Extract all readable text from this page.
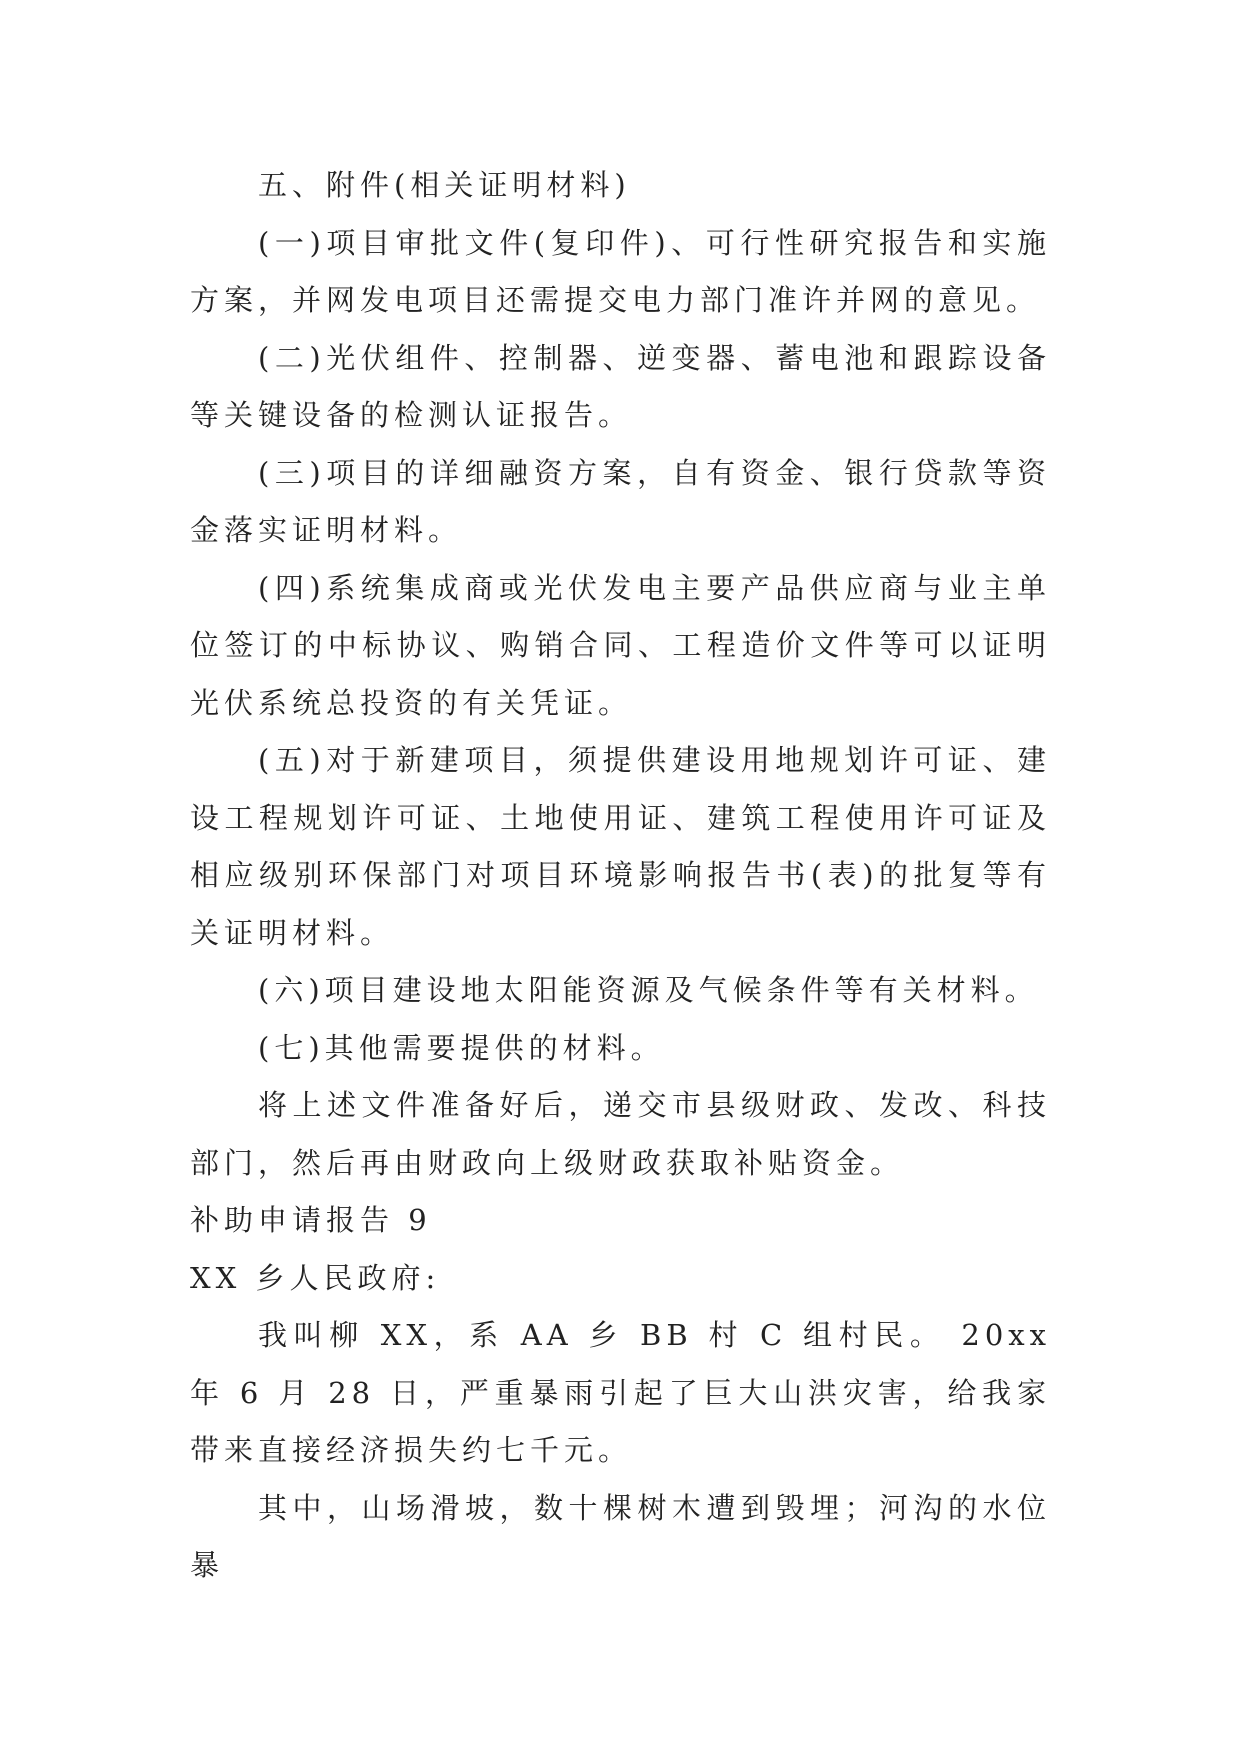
五、附件(相关证明材料)

(一)项目审批文件(复印件)、可行性研究报告和实施方案，并网发电项目还需提交电力部门准许并网的意见。

(二)光伏组件、控制器、逆变器、蓄电池和跟踪设备等关键设备的检测认证报告。

(三)项目的详细融资方案，自有资金、银行贷款等资金落实证明材料。

(四)系统集成商或光伏发电主要产品供应商与业主单位签订的中标协议、购销合同、工程造价文件等可以证明光伏系统总投资的有关凭证。

(五)对于新建项目，须提供建设用地规划许可证、建设工程规划许可证、土地使用证、建筑工程使用许可证及相应级别环保部门对项目环境影响报告书(表)的批复等有关证明材料。

(六)项目建设地太阳能资源及气候条件等有关材料。

(七)其他需要提供的材料。

将上述文件准备好后，递交市县级财政、发改、科技部门，然后再由财政向上级财政获取补贴资金。

补助申请报告 9

XX 乡人民政府:

我叫柳 XX，系 AA 乡 BB 村 C 组村民。 20xx 年 6 月 28 日，严重暴雨引起了巨大山洪灾害，给我家带来直接经济损失约七千元。

其中，山场滑坡，数十棵树木遭到毁埋；河沟的水位暴
